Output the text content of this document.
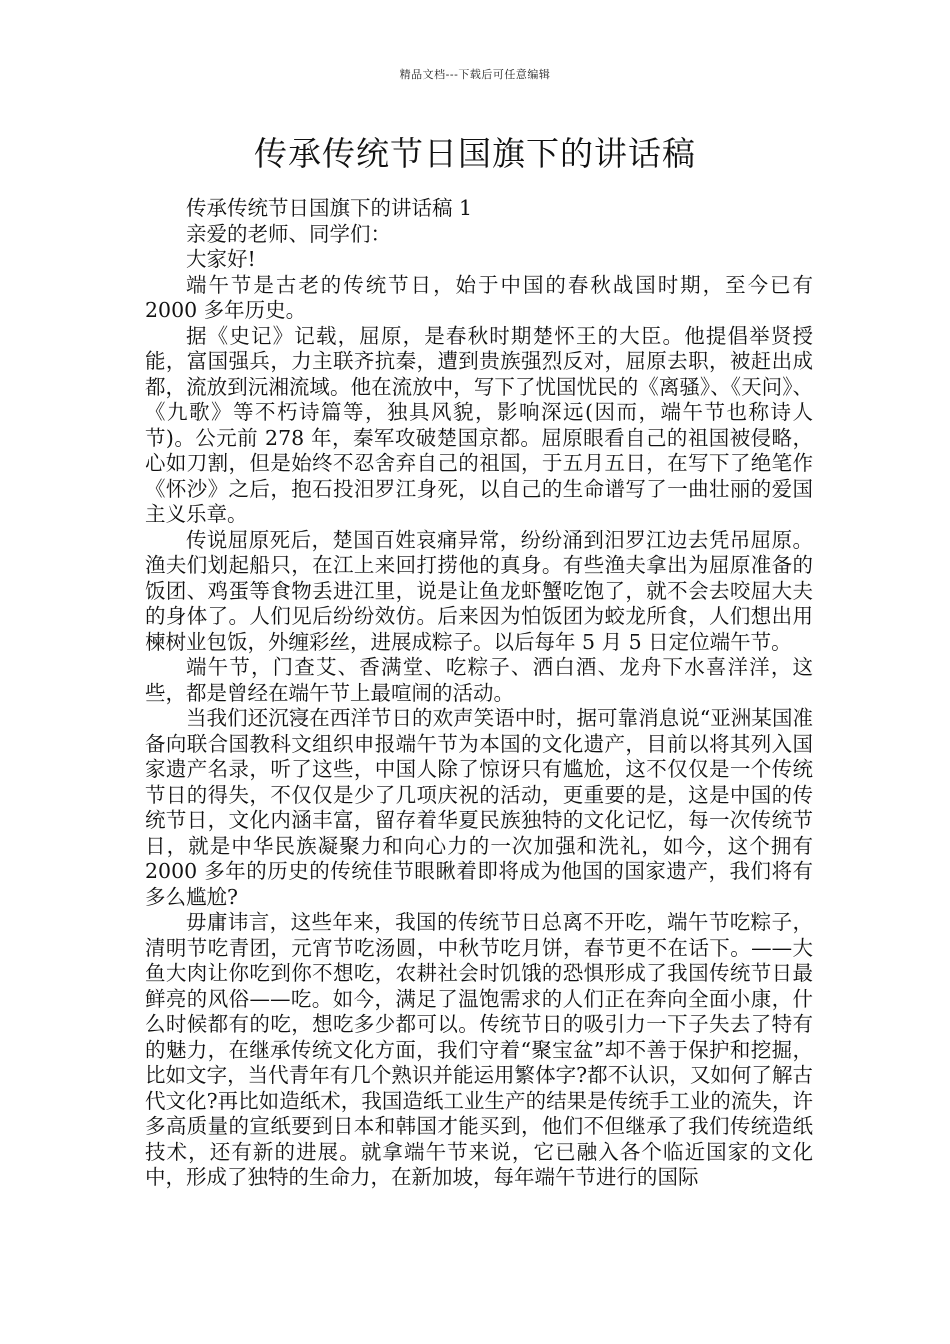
精品文档---下载后可任意编辑
传承传统节日国旗下的讲话稿

传承传统节日国旗下的讲话稿 1

亲爱的老师、同学们：

大家好!

端午节是古老的传统节日，始于中国的春秋战国时期，至今已有 2000 多年历史。

据《史记》记载，屈原，是春秋时期楚怀王的大臣。他提倡举贤授能，富国强兵，力主联齐抗秦，遭到贵族强烈反对，屈原去职，被赶出成都，流放到沅湘流域。他在流放中，写下了忧国忧民的《离骚》、《天问》、《九歌》等不朽诗篇等，独具风貌，影响深远(因而，端午节也称诗人节)。公元前 278 年，秦军攻破楚国京都。屈原眼看自己的祖国被侵略，心如刀割，但是始终不忍舍弃自己的祖国，于五月五日，在写下了绝笔作《怀沙》之后，抱石投汨罗江身死，以自己的生命谱写了一曲壮丽的爱国主义乐章。

传说屈原死后，楚国百姓哀痛异常，纷纷涌到汨罗江边去凭吊屈原。渔夫们划起船只，在江上来回打捞他的真身。有些渔夫拿出为屈原准备的饭团、鸡蛋等食物丢进江里，说是让鱼龙虾蟹吃饱了，就不会去咬屈大夫的身体了。人们见后纷纷效仿。后来因为怕饭团为蛟龙所食，人们想出用楝树业包饭，外缠彩丝，进展成粽子。以后每年 5 月 5 日定位端午节。

端午节，门查艾、香满堂、吃粽子、洒白酒、龙舟下水喜洋洋，这些，都是曾经在端午节上最喧闹的活动。

当我们还沉寖在西洋节日的欢声笑语中时，据可靠消息说“亚洲某国准备向联合国教科文组织申报端午节为本国的文化遗产，目前以将其列入国家遗产名录，听了这些，中国人除了惊讶只有尴尬，这不仅仅是一个传统节日的得失，不仅仅是少了几项庆祝的活动，更重要的是，这是中国的传统节日，文化内涵丰富，留存着华夏民族独特的文化记忆，每一次传统节日，就是中华民族凝聚力和向心力的一次加强和洗礼，如今，这个拥有 2000 多年的历史的传统佳节眼瞅着即将成为他国的国家遗产，我们将有多么尴尬?

毋庸讳言，这些年来，我国的传统节日总离不开吃，端午节吃粽子，清明节吃青团，元宵节吃汤圆，中秋节吃月饼，春节更不在话下。——大鱼大肉让你吃到你不想吃，农耕社会时饥饿的恐惧形成了我国传统节日最鲜亮的风俗——吃。如今，满足了温饱需求的人们正在奔向全面小康，什么时候都有的吃，想吃多少都可以。传统节日的吸引力一下子失去了特有的魅力，在继承传统文化方面，我们守着“聚宝盆”却不善于保护和挖掘，比如文字，当代青年有几个熟识并能运用繁体字?都不认识，又如何了解古代文化?再比如造纸术，我国造纸工业生产的结果是传统手工业的流失，许多高质量的宣纸要到日本和韩国才能买到，他们不但继承了我们传统造纸技术，还有新的进展。就拿端午节来说，它已融入各个临近国家的文化中，形成了独特的生命力，在新加坡，每年端午节进行的国际
